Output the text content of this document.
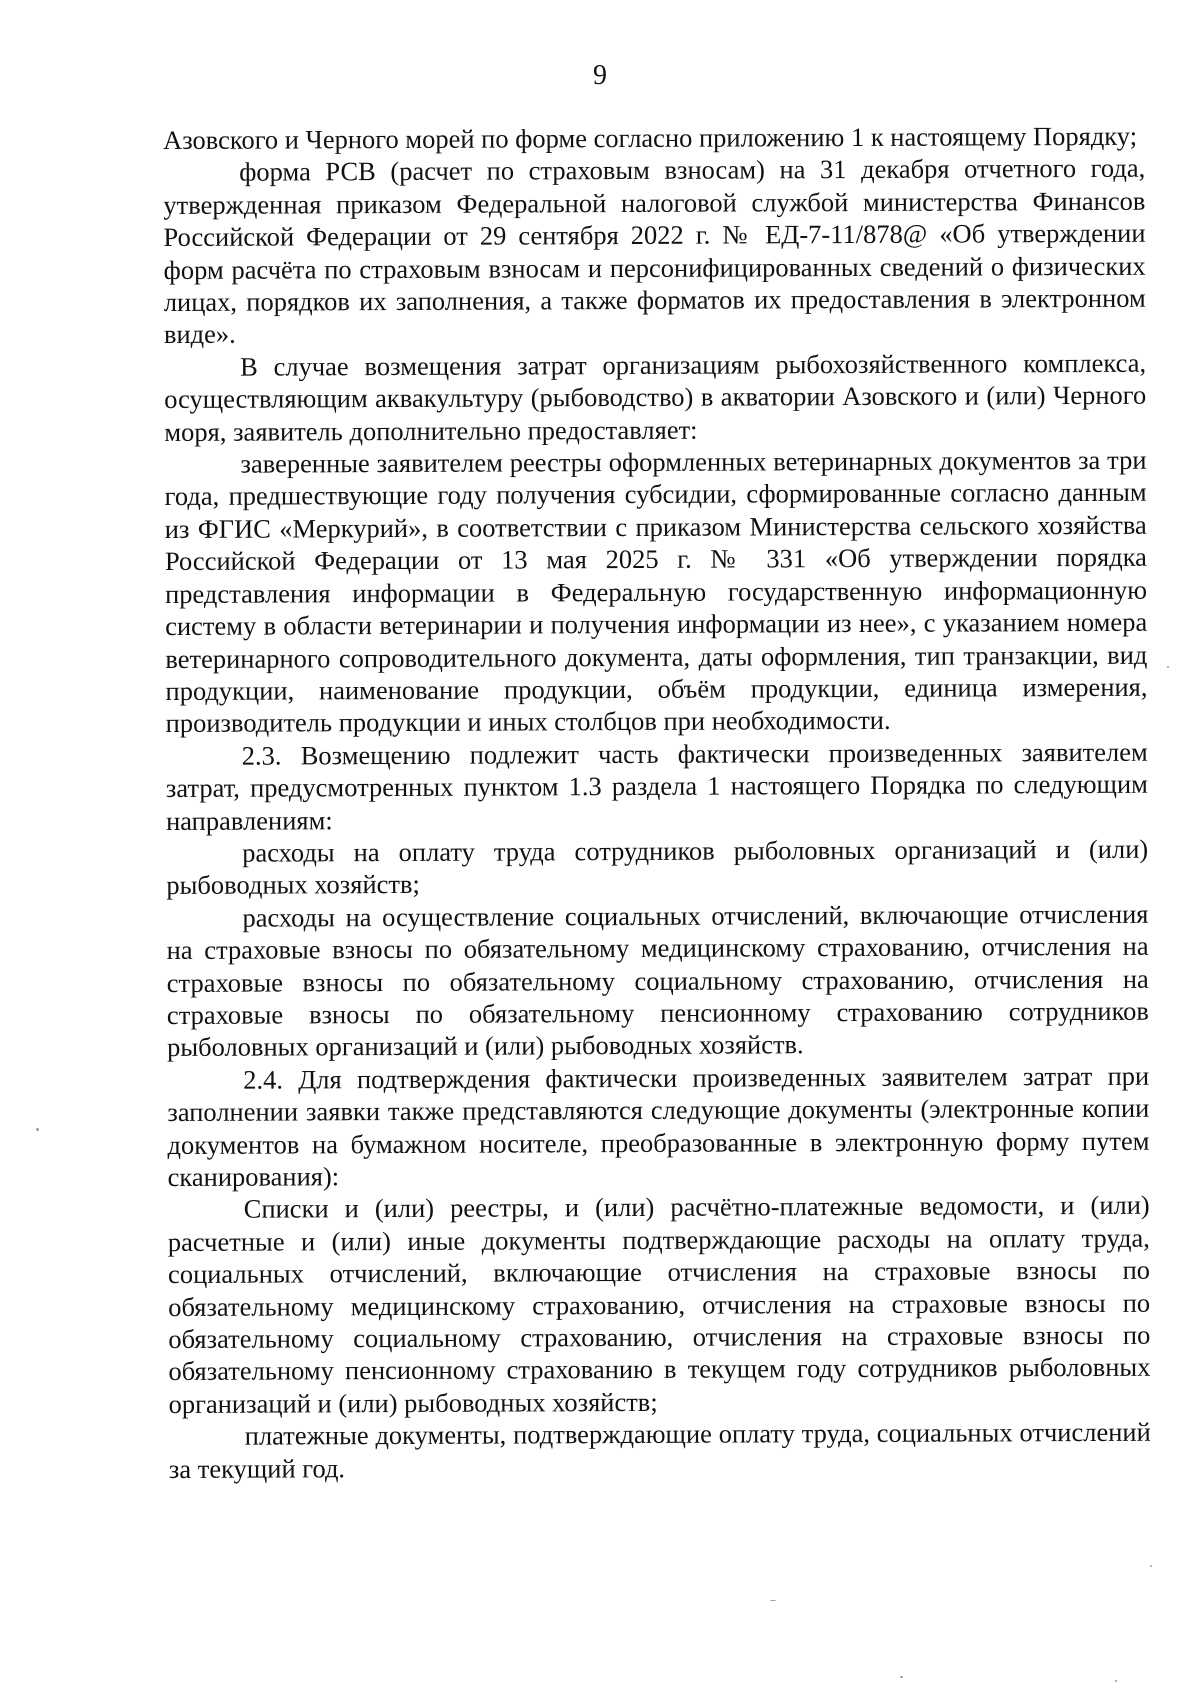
9

Азовского и Черного морей по форме согласно приложению 1 к настоящему Порядку;

форма РСВ (расчет по страховым взносам) на 31 декабря отчетного года, утвержденная приказом Федеральной налоговой службой министерства Финансов Российской Федерации от 29 сентября 2022 г. № ЕД-7-11/878@ «Об утверждении форм расчёта по страховым взносам и персонифицированных сведений о физических лицах, порядков их заполнения, а также форматов их предоставления в электронном виде».

В случае возмещения затрат организациям рыбохозяйственного комплекса, осуществляющим аквакультуру (рыбоводство) в акватории Азовского и (или) Черного моря, заявитель дополнительно предоставляет:

заверенные заявителем реестры оформленных ветеринарных документов за три года, предшествующие году получения субсидии, сформированные согласно данным из ФГИС «Меркурий», в соответствии с приказом Министерства сельского хозяйства Российской Федерации от 13 мая 2025 г. № 331 «Об утверждении порядка представления информации в Федеральную государственную информационную систему в области ветеринарии и получения информации из нее», с указанием номера ветеринарного сопроводительного документа, даты оформления, тип транзакции, вид продукции, наименование продукции, объём продукции, единица измерения, производитель продукции и иных столбцов при необходимости.

2.3. Возмещению подлежит часть фактически произведенных заявителем затрат, предусмотренных пунктом 1.3 раздела 1 настоящего Порядка по следующим направлениям:

расходы на оплату труда сотрудников рыболовных организаций и (или) рыбоводных хозяйств;

расходы на осуществление социальных отчислений, включающие отчисления на страховые взносы по обязательному медицинскому страхованию, отчисления на страховые взносы по обязательному социальному страхованию, отчисления на страховые взносы по обязательному пенсионному страхованию сотрудников рыболовных организаций и (или) рыбоводных хозяйств.

2.4. Для подтверждения фактически произведенных заявителем затрат при заполнении заявки также представляются следующие документы (электронные копии документов на бумажном носителе, преобразованные в электронную форму путем сканирования):

Списки и (или) реестры, и (или) расчётно-платежные ведомости, и (или) расчетные и (или) иные документы подтверждающие расходы на оплату труда, социальных отчислений, включающие отчисления на страховые взносы по обязательному медицинскому страхованию, отчисления на страховые взносы по обязательному социальному страхованию, отчисления на страховые взносы по обязательному пенсионному страхованию в текущем году сотрудников рыболовных организаций и (или) рыбоводных хозяйств;

платежные документы, подтверждающие оплату труда, социальных отчислений за текущий год.
